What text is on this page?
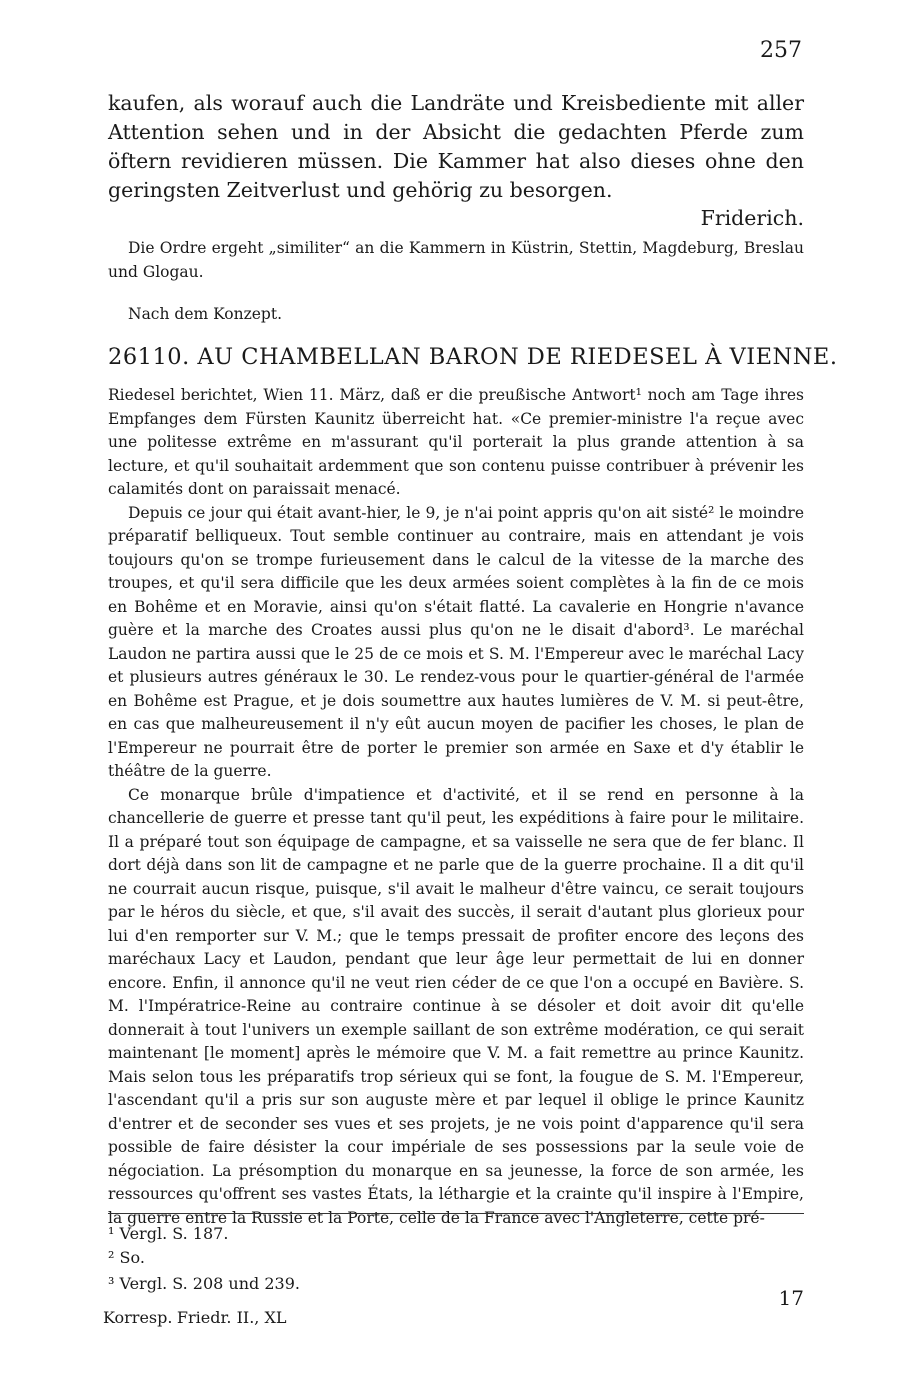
257

kaufen, als worauf auch die Landräte und Kreisbediente mit aller Attention sehen und in der Absicht die gedachten Pferde zum öftern revidieren müssen. Die Kammer hat also dieses ohne den geringsten Zeitverlust und gehörig zu besorgen.

Friderich.

Die Ordre ergeht „similiter“ an die Kammern in Küstrin, Stettin, Magdeburg, Breslau und Glogau.

Nach dem Konzept.

26110. AU CHAMBELLAN BARON DE RIEDESEL À VIENNE.

Riedesel berichtet, Wien 11. März, daß er die preußische Antwort¹ noch am Tage ihres Empfanges dem Fürsten Kaunitz überreicht hat. «Ce premier-ministre l'a reçue avec une politesse extrême en m'assurant qu'il porterait la plus grande attention à sa lecture, et qu'il souhaitait ardemment que son contenu puisse contribuer à prévenir les calamités dont on paraissait menacé.

Depuis ce jour qui était avant-hier, le 9, je n'ai point appris qu'on ait sisté² le moindre préparatif belliqueux. Tout semble continuer au contraire, mais en attendant je vois toujours qu'on se trompe furieusement dans le calcul de la vitesse de la marche des troupes, et qu'il sera difficile que les deux armées soient complètes à la fin de ce mois en Bohême et en Moravie, ainsi qu'on s'était flatté. La cavalerie en Hongrie n'avance guère et la marche des Croates aussi plus qu'on ne le disait d'abord³. Le maréchal Laudon ne partira aussi que le 25 de ce mois et S. M. l'Empereur avec le maréchal Lacy et plusieurs autres généraux le 30. Le rendez-vous pour le quartier-général de l'armée en Bohême est Prague, et je dois soumettre aux hautes lumières de V. M. si peut-être, en cas que malheureusement il n'y eût aucun moyen de pacifier les choses, le plan de l'Empereur ne pourrait être de porter le premier son armée en Saxe et d'y établir le théâtre de la guerre.

Ce monarque brûle d'impatience et d'activité, et il se rend en personne à la chancellerie de guerre et presse tant qu'il peut, les expéditions à faire pour le militaire. Il a préparé tout son équipage de campagne, et sa vaisselle ne sera que de fer blanc. Il dort déjà dans son lit de campagne et ne parle que de la guerre prochaine. Il a dit qu'il ne courrait aucun risque, puisque, s'il avait le malheur d'être vaincu, ce serait toujours par le héros du siècle, et que, s'il avait des succès, il serait d'autant plus glorieux pour lui d'en remporter sur V. M.; que le temps pressait de profiter encore des leçons des maréchaux Lacy et Laudon, pendant que leur âge leur permettait de lui en donner encore. Enfin, il annonce qu'il ne veut rien céder de ce que l'on a occupé en Bavière. S. M. l'Impératrice-Reine au contraire continue à se désoler et doit avoir dit qu'elle donnerait à tout l'univers un exemple saillant de son extrême modération, ce qui serait maintenant [le moment] après le mémoire que V. M. a fait remettre au prince Kaunitz. Mais selon tous les préparatifs trop sérieux qui se font, la fougue de S. M. l'Empereur, l'ascendant qu'il a pris sur son auguste mère et par lequel il oblige le prince Kaunitz d'entrer et de seconder ses vues et ses projets, je ne vois point d'apparence qu'il sera possible de faire désister la cour impériale de ses possessions par la seule voie de négociation. La présomption du monarque en sa jeunesse, la force de son armée, les ressources qu'offrent ses vastes États, la léthargie et la crainte qu'il inspire à l'Empire, la guerre entre la Russie et la Porte, celle de la France avec l'Angleterre, cette pré-

¹ Vergl. S. 187.
² So.
³ Vergl. S. 208 und 239.
17
Korresp. Friedr. II., XL
